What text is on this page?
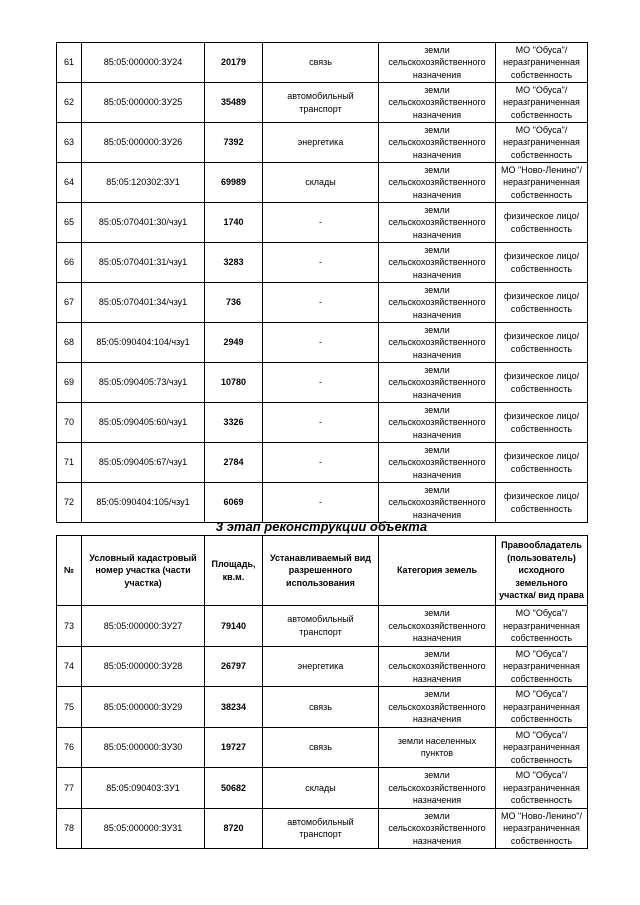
61	85:05:000000:ЗУ24	20179	связь	земли сельскохозяйственного назначения	МО "Обуса"/ неразграниченная собственность
62	85:05:000000:ЗУ25	35489	автомобильный транспорт	земли сельскохозяйственного назначения	МО "Обуса"/ неразграниченная собственность
63	85:05:000000:ЗУ26	7392	энергетика	земли сельскохозяйственного назначения	МО "Обуса"/ неразграниченная собственность
64	85:05:120302:ЗУ1	69989	склады	земли сельскохозяйственного назначения	МО "Ново-Ленино"/ неразграниченная собственность
65	85:05:070401:30/чзу1	1740	-	земли сельскохозяйственного назначения	физическое лицо/ собственность
66	85:05:070401:31/чзу1	3283	-	земли сельскохозяйственного назначения	физическое лицо/ собственность
67	85:05:070401:34/чзу1	736	-	земли сельскохозяйственного назначения	физическое лицо/ собственность
68	85:05:090404:104/чзу1	2949	-	земли сельскохозяйственного назначения	физическое лицо/ собственность
69	85:05:090405:73/чзу1	10780	-	земли сельскохозяйственного назначения	физическое лицо/ собственность
70	85:05:090405:60/чзу1	3326	-	земли сельскохозяйственного назначения	физическое лицо/ собственность
71	85:05:090405:67/чзу1	2784	-	земли сельскохозяйственного назначения	физическое лицо/ собственность
72	85:05:090404:105/чзу1	6069	-	земли сельскохозяйственного назначения	физическое лицо/ собственность
3 этап реконструкции объекта
№	Условный кадастровый номер участка (части участка)	Площадь, кв.м.	Устанавливаемый вид разрешенного использования	Категория земель	Правообладатель (пользователь) исходного земельного участка/ вид права
73	85:05:000000:ЗУ27	79140	автомобильный транспорт	земли сельскохозяйственного назначения	МО "Обуса"/ неразграниченная собственность
74	85:05:000000:ЗУ28	26797	энергетика	земли сельскохозяйственного назначения	МО "Обуса"/ неразграниченная собственность
75	85:05:000000:ЗУ29	38234	связь	земли сельскохозяйственного назначения	МО "Обуса"/ неразграниченная собственность
76	85:05:000000:ЗУ30	19727	связь	земли населенных пунктов	МО "Обуса"/ неразграниченная собственность
77	85:05:090403:ЗУ1	50682	склады	земли сельскохозяйственного назначения	МО "Обуса"/ неразграниченная собственность
78	85:05:000000:ЗУ31	8720	автомобильный транспорт	земли сельскохозяйственного назначения	МО "Ново-Ленино"/ неразграниченная собственность
